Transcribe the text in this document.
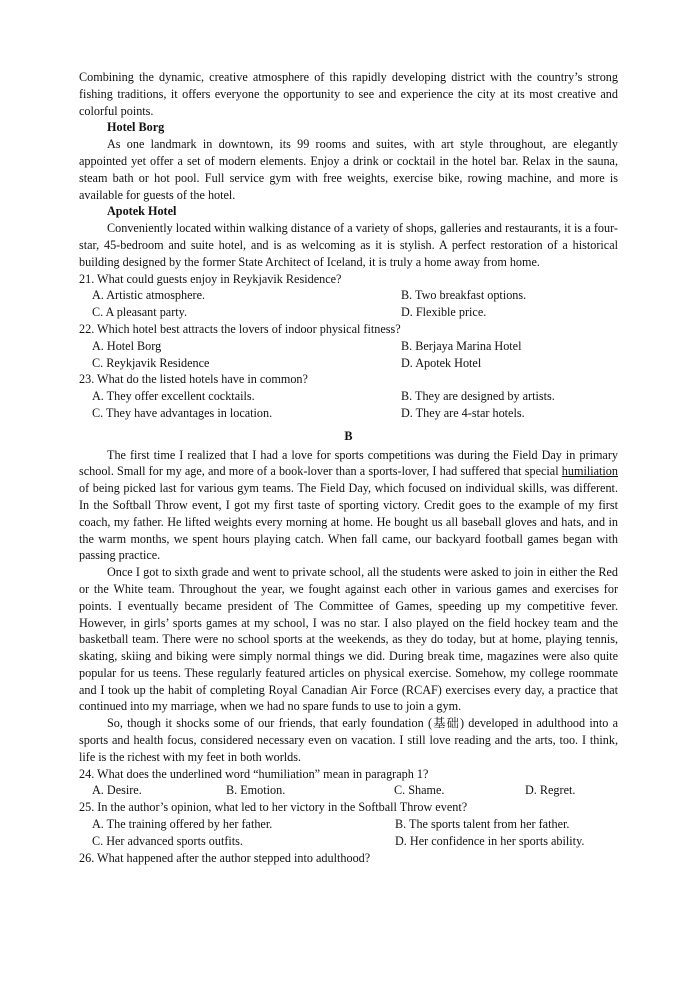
Combining the dynamic, creative atmosphere of this rapidly developing district with the country’s strong fishing traditions, it offers everyone the opportunity to see and experience the city at its most creative and colorful points.

Hotel Borg

As one landmark in downtown, its 99 rooms and suites, with art style throughout, are elegantly appointed yet offer a set of modern elements. Enjoy a drink or cocktail in the hotel bar. Relax in the sauna, steam bath or hot pool. Full service gym with free weights, exercise bike, rowing machine, and more is available for guests of the hotel.

Apotek Hotel

Conveniently located within walking distance of a variety of shops, galleries and restaurants, it is a four-star, 45-bedroom and suite hotel, and is as welcoming as it is stylish. A perfect restoration of a historical building designed by the former State Architect of Iceland, it is truly a home away from home.

21. What could guests enjoy in Reykjavik Residence?

A. Artistic atmosphere.	B. Two breakfast options.
C. A pleasant party.	D. Flexible price.

22. Which hotel best attracts the lovers of indoor physical fitness?

A. Hotel Borg	B. Berjaya Marina Hotel
C. Reykjavik Residence	D. Apotek Hotel

23. What do the listed hotels have in common?

A. They offer excellent cocktails.	B. They are designed by artists.
C. They have advantages in location.	D. They are 4-star hotels.

B

The first time I realized that I had a love for sports competitions was during the Field Day in primary school. Small for my age, and more of a book-lover than a sports-lover, I had suffered that special humiliation of being picked last for various gym teams. The Field Day, which focused on individual skills, was different. In the Softball Throw event, I got my first taste of sporting victory. Credit goes to the example of my first coach, my father. He lifted weights every morning at home. He bought us all baseball gloves and hats, and in the warm months, we spent hours playing catch. When fall came, our backyard football games began with passing practice.

Once I got to sixth grade and went to private school, all the students were asked to join in either the Red or the White team. Throughout the year, we fought against each other in various games and exercises for points. I eventually became president of The Committee of Games, speeding up my competitive fever. However, in girls’ sports games at my school, I was no star. I also played on the field hockey team and the basketball team. There were no school sports at the weekends, as they do today, but at home, playing tennis, skating, skiing and biking were simply normal things we did. During break time, magazines were also quite popular for us teens. These regularly featured articles on physical exercise. Somehow, my college roommate and I took up the habit of completing Royal Canadian Air Force (RCAF) exercises every day, a practice that continued into my marriage, when we had no spare funds to use to join a gym.

So, though it shocks some of our friends, that early foundation (基础) developed in adulthood into a sports and health focus, considered necessary even on vacation. I still love reading and the arts, too. I think, life is the richest with my feet in both worlds.

24. What does the underlined word “humiliation” mean in paragraph 1?

A. Desire.	B. Emotion.	C. Shame.	D. Regret.

25. In the author’s opinion, what led to her victory in the Softball Throw event?

A. The training offered by her father.	B. The sports talent from her father.
C. Her advanced sports outfits.	D. Her confidence in her sports ability.

26. What happened after the author stepped into adulthood?
